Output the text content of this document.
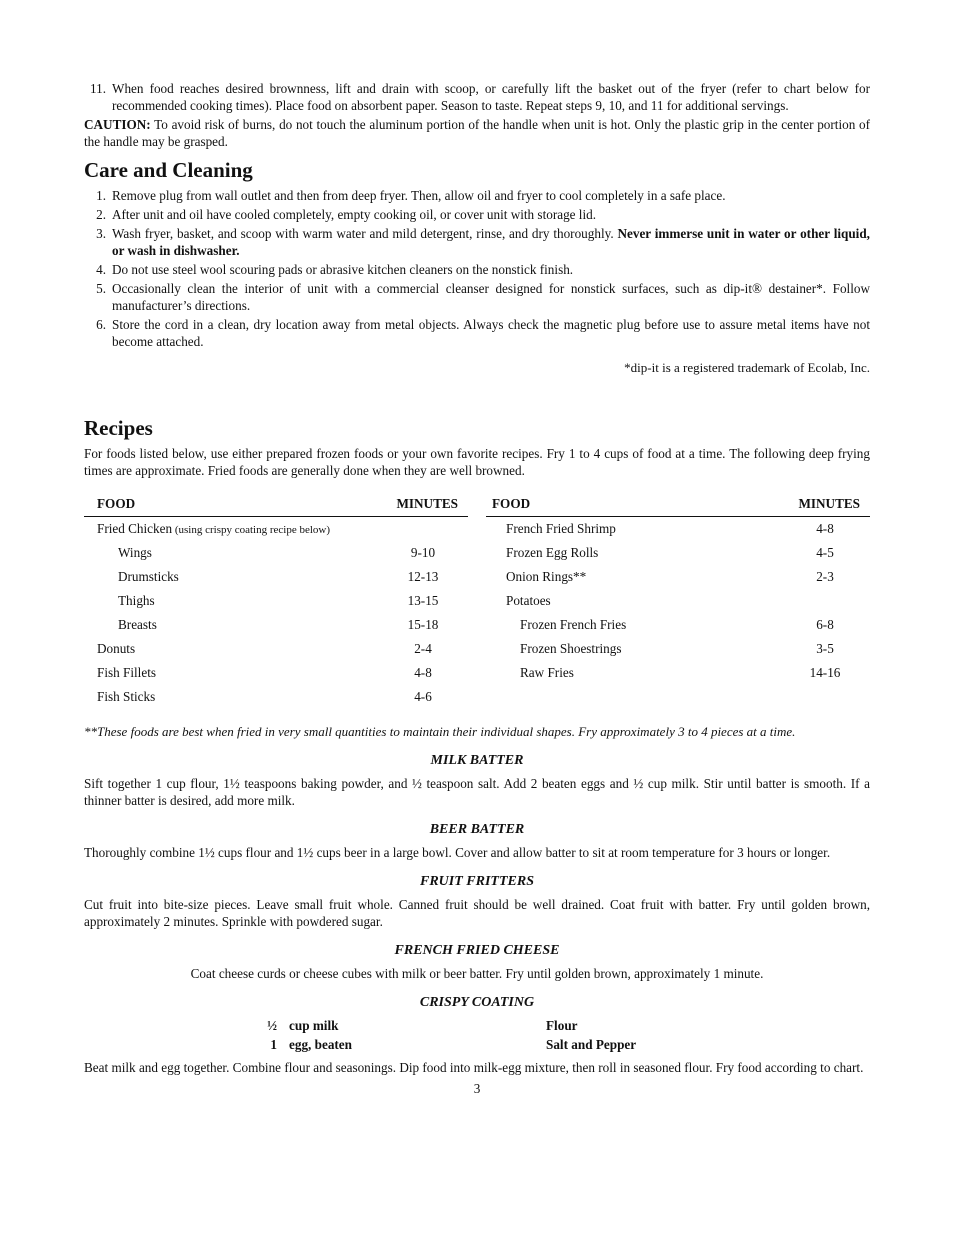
11. When food reaches desired brownness, lift and drain with scoop, or carefully lift the basket out of the fryer (refer to chart below for recommended cooking times). Place food on absorbent paper. Season to taste. Repeat steps 9, 10, and 11 for additional servings.

CAUTION: To avoid risk of burns, do not touch the aluminum portion of the handle when unit is hot. Only the plastic grip in the center portion of the handle may be grasped.

Care and Cleaning
1. Remove plug from wall outlet and then from deep fryer. Then, allow oil and fryer to cool completely in a safe place.
2. After unit and oil have cooled completely, empty cooking oil, or cover unit with storage lid.
3. Wash fryer, basket, and scoop with warm water and mild detergent, rinse, and dry thoroughly. Never immerse unit in water or other liquid, or wash in dishwasher.
4. Do not use steel wool scouring pads or abrasive kitchen cleaners on the nonstick finish.
5. Occasionally clean the interior of unit with a commercial cleanser designed for nonstick surfaces, such as dip-it® destainer*. Follow manufacturer’s directions.
6. Store the cord in a clean, dry location away from metal objects. Always check the magnetic plug before use to assure metal items have not become attached.
*dip-it is a registered trademark of Ecolab, Inc.
Recipes
For foods listed below, use either prepared frozen foods or your own favorite recipes. Fry 1 to 4 cups of food at a time. The following deep frying times are approximate. Fried foods are generally done when they are well browned.
FOOD	MINUTES
Fried Chicken (using crispy coating recipe below)
Wings	9-10
Drumsticks	12-13
Thighs	13-15
Breasts	15-18
Donuts	2-4
Fish Fillets	4-8
Fish Sticks	4-6
FOOD	MINUTES
French Fried Shrimp	4-8
Frozen Egg Rolls	4-5
Onion Rings**	2-3
Potatoes
Frozen French Fries	6-8
Frozen Shoestrings	3-5
Raw Fries	14-16
**These foods are best when fried in very small quantities to maintain their individual shapes. Fry approximately 3 to 4 pieces at a time.
MILK BATTER
Sift together 1 cup flour, 1½ teaspoons baking powder, and ½ teaspoon salt. Add 2 beaten eggs and ½ cup milk. Stir until batter is smooth. If a thinner batter is desired, add more milk.
BEER BATTER
Thoroughly combine 1½ cups flour and 1½ cups beer in a large bowl. Cover and allow batter to sit at room temperature for 3 hours or longer.
FRUIT FRITTERS
Cut fruit into bite-size pieces. Leave small fruit whole. Canned fruit should be well drained. Coat fruit with batter. Fry until golden brown, approximately 2 minutes. Sprinkle with powdered sugar.
FRENCH FRIED CHEESE
Coat cheese curds or cheese cubes with milk or beer batter. Fry until golden brown, approximately 1 minute.
CRISPY COATING
½ cup milk	Flour
1 egg, beaten	Salt and Pepper
Beat milk and egg together. Combine flour and seasonings. Dip food into milk-egg mixture, then roll in seasoned flour. Fry food according to chart.
3
